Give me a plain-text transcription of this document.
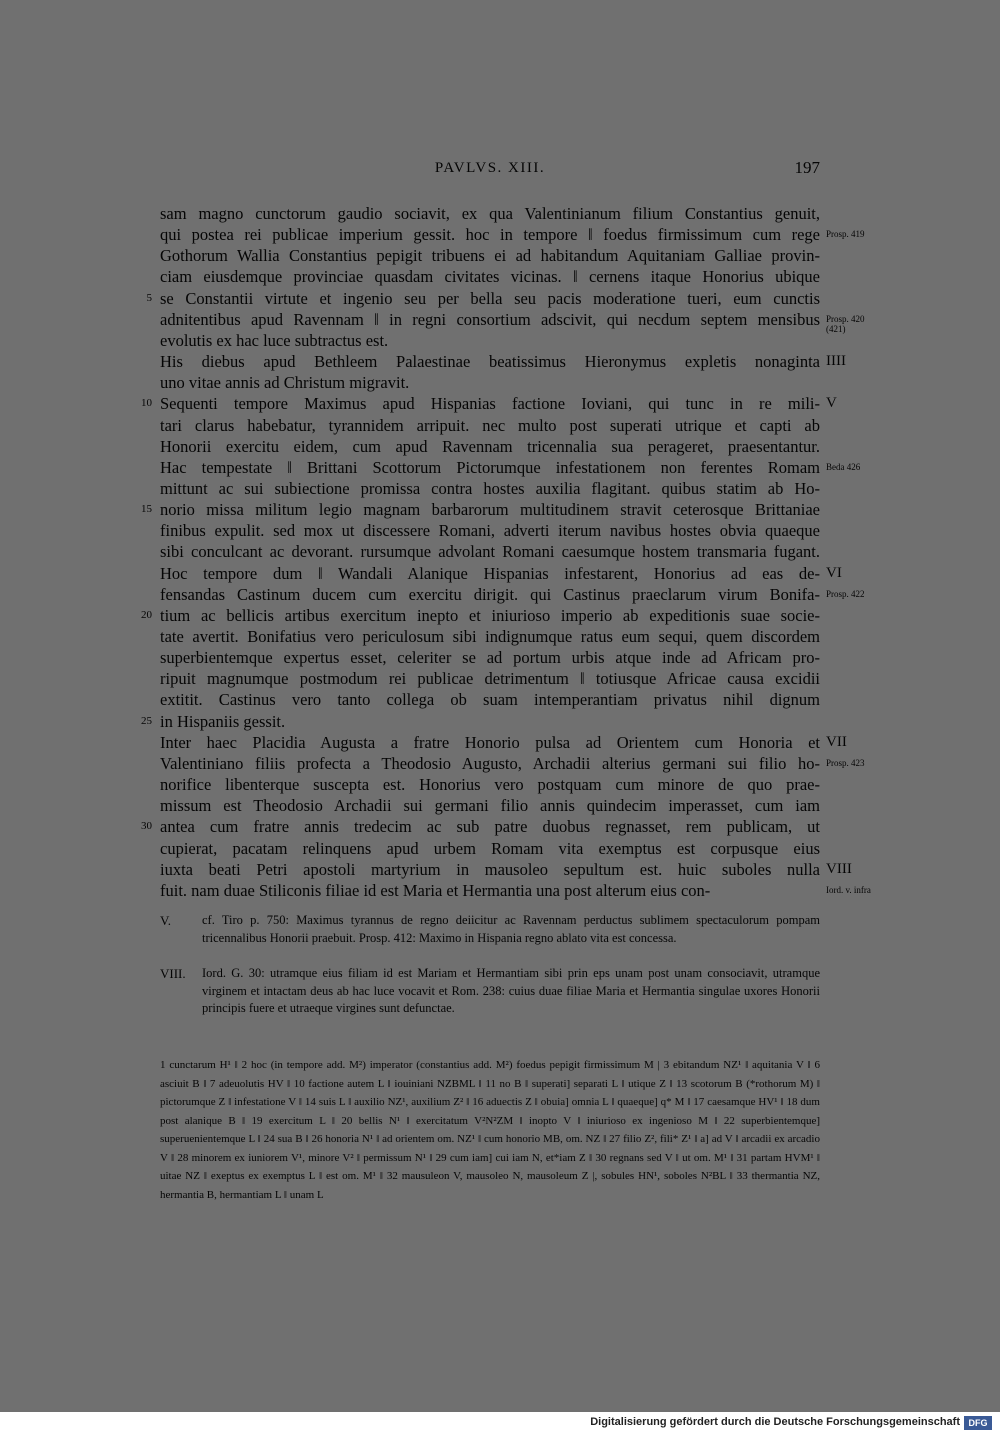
PAVLVS. XIII.	197
sam magno cunctorum gaudio sociavit, ex qua Valentinianum filium Constantius genuit,
qui postea rei publicae imperium gessit. hoc in tempore ‖ foedus firmissimum cum rege
Gothorum Wallia Constantius pepigit tribuens ei ad habitandum Aquitaniam Galliae provin-
ciam eiusdemque provinciae quasdam civitates vicinas. ‖ cernens itaque Honorius ubique
se Constantii virtute et ingenio seu per bella seu pacis moderatione tueri, eum cunctis
5
adnitentibus apud Ravennam ‖ in regni consortium adscivit, qui necdum septem mensibus
evolutis ex hac luce subtractus est.
His diebus apud Bethleem Palaestinae beatissimus Hieronymus expletis nonaginta
uno vitae annis ad Christum migravit.
Sequenti tempore Maximus apud Hispanias factione Ioviani, qui tunc in re mili-
10
tari clarus habebatur, tyrannidem arripuit. nec multo post superati utrique et capti ab
Honorii exercitu eidem, cum apud Ravennam tricennalia sua perageret, praesentantur.
Hac tempestate ‖ Brittani Scottorum Pictorumque infestationem non ferentes Romam
mittunt ac sui subiectione promissa contra hostes auxilia flagitant. quibus statim ab Ho-
norio missa militum legio magnam barbarorum multitudinem stravit ceterosque Brittaniae
15
finibus expulit. sed mox ut discessere Romani, adverti iterum navibus hostes obvia quaeque
sibi conculcant ac devorant. rursumque advolant Romani caesumque hostem transmaria fugant.
Hoc tempore dum ‖ Wandali Alanique Hispanias infestarent, Honorius ad eas de-
fensandas Castinum ducem cum exercitu dirigit. qui Castinus praeclarum virum Bonifa-
tium ac bellicis artibus exercitum inepto et iniurioso imperio ab expeditionis suae socie-
20
tate avertit. Bonifatius vero periculosum sibi indignumque ratus eum sequi, quem discordem
superbientemque expertus esset, celeriter se ad portum urbis atque inde ad Africam pro-
ripuit magnumque postmodum rei publicae detrimentum ‖ totiusque Africae causa excidii
extitit. Castinus vero tanto collega ob suam intemperantiam privatus nihil dignum
in Hispaniis gessit.
25
Inter haec Placidia Augusta a fratre Honorio pulsa ad Orientem cum Honoria et
Valentiniano filiis profecta a Theodosio Augusto, Archadii alterius germani sui filio ho-
norifice libenterque suscepta est. Honorius vero postquam cum minore de quo prae-
missum est Theodosio Archadii sui germani filio annis quindecim imperasset, cum iam
antea cum fratre annis tredecim ac sub patre duobus regnasset, rem publicam, ut
30
cupierat, pacatam relinquens apud urbem Romam vita exemptus est corpusque eius
iuxta beati Petri apostoli martyrium in mausoleo sepultum est. huic suboles nulla
fuit. nam duae Stiliconis filiae id est Maria et Hermantia una post alterum eius con-
Prosp. 419
Prosp. 420
(421)
IIII
V
Beda 426
VI
Prosp. 422
VII
Prosp. 423
VIII
Iord. v. infra
V. cf. Tiro p. 750: Maximus tyrannus de regno deiicitur ac Ravennam perductus sublimem spectaculorum pompam tricennalibus Honorii praebuit. Prosp. 412: Maximo in Hispania regno ablato vita est concessa.
VIII. Iord. G. 30: utramque eius filiam id est Mariam et Hermantiam sibi prin eps unam post unam consociavit, utramque virginem et intactam deus ab hac luce vocavit et Rom. 238: cuius duae filiae Maria et Hermantia singulae uxores Honorii principis fuere et utraeque virgines sunt defunctae.
1 cunctarum H¹ ‖ 2 hoc (in tempore add. M²) imperator (constantius add. M²) foedus pepigit firmissimum M | 3 ebitandum NZ¹ ‖ aquitania V ‖ 6 asciuit B ‖ 7 adeuolutis HV ‖ 10 factione autem L ‖ iouiniani NZBML ‖ 11 no B ‖ superati] separati L ‖ utique Z ‖ 13 scotorum B (*rothorum M) ‖ pictorumque Z ‖ infestatione V ‖ 14 suis L ‖ auxilio NZ¹, auxilium Z² ‖ 16 aduectis Z ‖ obuia] omnia L ‖ quaeque] q* M ‖ 17 caesamque HV¹ ‖ 18 dum post alanique B ‖ 19 exercitum L ‖ 20 bellis N¹ ‖ exercitatum V²N²ZM ‖ inopto V ‖ iniurioso ex ingenioso M ‖ 22 superbientemque] superuenientemque L ‖ 24 sua B ‖ 26 honoria N¹ ‖ ad orientem om. NZ¹ ‖ cum honorio MB, om. NZ ‖ 27 filio Z², fili* Z¹ ‖ a] ad V ‖ arcadii ex arcadio V ‖ 28 minorem ex iuniorem V¹, minore V² ‖ permissum N¹ ‖ 29 cum iam] cui iam N, et*iam Z ‖ 30 regnans sed V ‖ ut om. M¹ ‖ 31 partam HVM¹ ‖ uitae NZ ‖ exeptus ex exemptus L ‖ est om. M¹ ‖ 32 mausuleon V, mausoleo N, mausoleum Z |, sobules HN¹, soboles N²BL ‖ 33 thermantia NZ, hermantia B, hermantiam L ‖ unam L
Digitalisierung gefördert durch die Deutsche Forschungsgemeinschaft DFG
